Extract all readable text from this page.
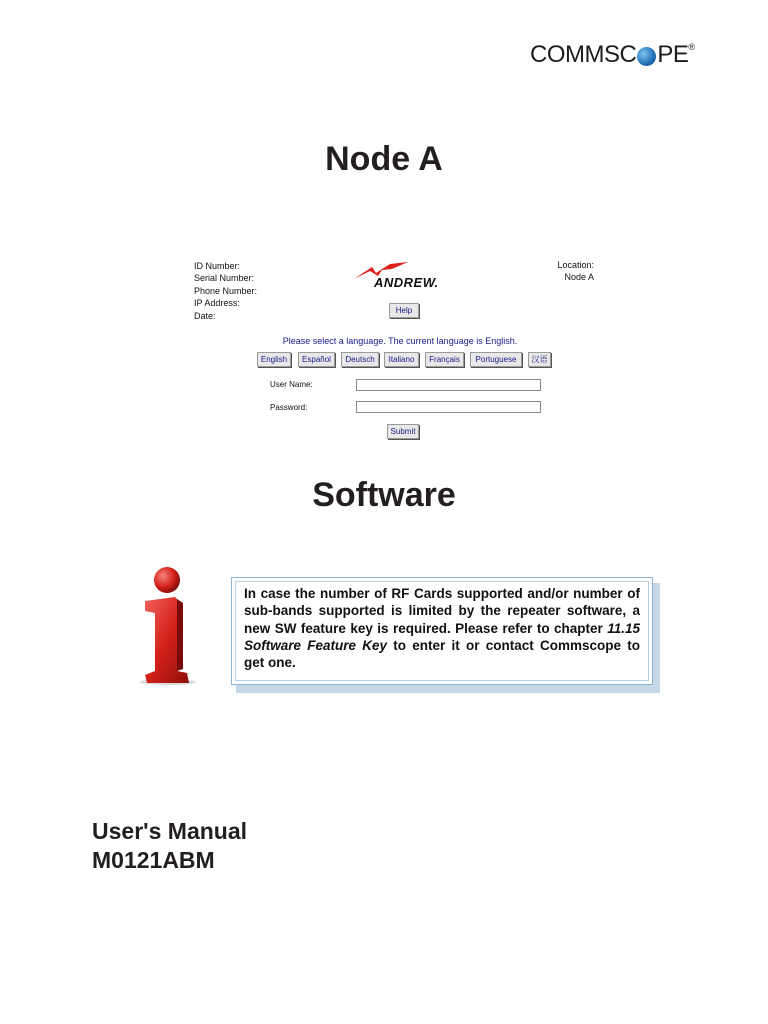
COMMSC PE ®
Node A
ID Number:
Serial Number:
Phone Number:
IP Address:
Date:
Location:
Node A
ANDREW.
Help
Please select a language. The current language is English.
English	Español	Deutsch	Italiano	Français	Portuguese	汉语
User Name:
Password:
Submit
Software

In case the number of RF Cards supported and/or number of sub-bands supported is limited by the repeater software, a new SW feature key is required. Please refer to chapter 11.15 Software Feature Key to enter it or contact Commscope to get one.

User's Manual
M0121ABM
